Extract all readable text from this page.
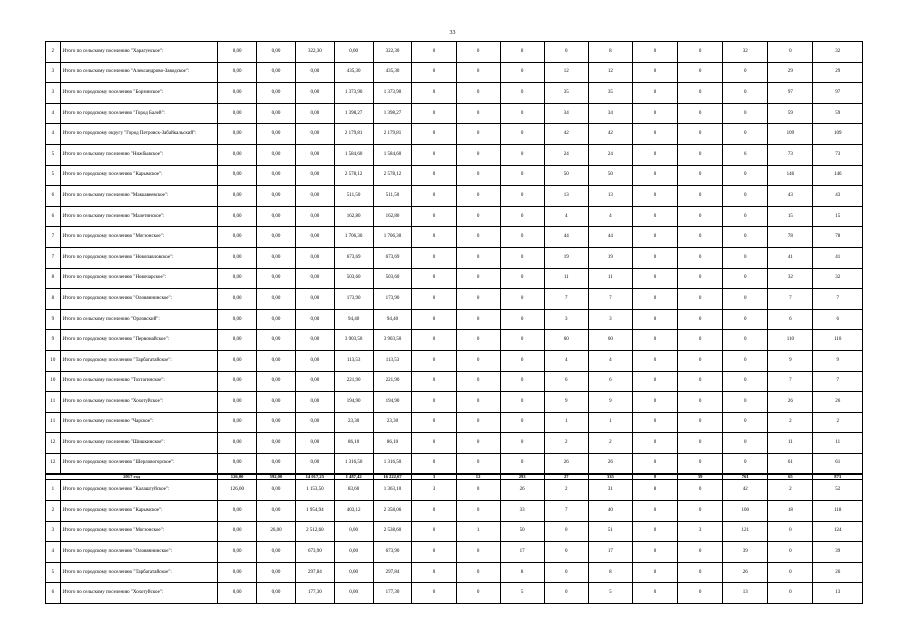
33
2	Итого по сельскому поселению "Харагунское":	0,00	0,00	322,30	0,00	322,30	0	0	8	0	8	0	0	32	0	32
3	Итого по сельскому поселению "Александрово-Заводское":	0,00	0,00	0,00	435,30	435,30	0	0	0	12	12	0	0	0	29	29
3	Итого по городскому поселению "Борзинское":	0,00	0,00	0,00	1 373,90	1 373,90	0	0	0	35	35	0	0	0	97	97
4	Итого по городскому поселению "Город Балей":	0,00	0,00	0,00	1 398,27	1 398,27	0	0	0	34	34	0	0	0	59	59
4	Итого по городскому округу "Город Петровск-Забайкальский":	0,00	0,00	0,00	2 179,81	2 179,81	0	0	0	42	42	0	0	0	109	109
5	Итого по сельскому поселению "Нижбывское":	0,00	0,00	0,00	1 584,60	1 584,60	0	0	0	24	24	0	0	6	73	73
5	Итого по городскому поселению "Карымское":	0,00	0,00	0,00	2 578,12	2 578,12	0	0	0	50	50	0	0	0	146	146
6	Итого по сельскому поселению "Маккавеевское":	0,00	0,00	0,00	511,50	511,50	0	0	0	13	13	0	0	0	43	43
6	Итого по сельскому поселению "Малетинское":	0,00	0,00	0,00	162,80	162,80	0	0	0	4	4	0	0	0	15	15
7	Итого по городскому поселению "Могзонское":	0,00	0,00	0,00	1 706,30	1 706,30	0	0	0	44	44	0	0	0	78	78
7	Итого по городскому поселению "Новопавловское":	0,00	0,00	0,00	673,69	673,69	0	0	0	19	19	0	0	0	41	41
8	Итого по городскому поселению "Новочарское":	0,00	0,00	0,00	503,60	503,60	0	0	0	11	11	0	0	0	32	32
8	Итого по городскому поселению "Оловяннинское":	0,00	0,00	0,00	173,90	173,90	0	0	0	7	7	0	0	0	7	7
9	Итого по сельскому поселению "Орловский":	0,00	0,00	0,00	94,40	94,40	0	0	0	3	3	0	0	0	6	6
9	Итого по городскому поселению "Первомайское":	0,00	0,00	0,00	3 903,50	3 903,50	0	0	0	60	60	0	0	0	110	110
10	Итого по городскому поселению "Тарбагатайское":	0,00	0,00	0,00	113,53	113,53	0	0	0	4	4	0	0	0	9	9
10	Итого по сельскому поселению "Тохтагинское":	0,00	0,00	0,00	221,90	221,90	0	0	0	6	6	0	0	0	7	7
11	Итого по сельскому поселению "Хохотуйское":	0,00	0,00	0,00	194,90	194,90	0	0	0	9	9	0	0	0	26	26
11	Итого по сельскому поселению "Чарское":	0,00	0,00	0,00	23,30	23,30	0	0	0	1	1	0	0	0	2	2
12	Итого по сельскому поселению "Шишкинское":	0,00	0,00	0,00	86,10	86,10	0	0	0	2	2	0	0	0	11	11
12	Итого по городскому поселению "Шерловогорское":	0,00	0,00	0,00	1 316,50	1 316,50	0	0	0	26	26	0	0	0	61	61
2017 год		126,00	592,00	14 017,25	1 487,42	16 222,67	3	12	293	27	335	8	39	761	65	873
1	Итого по городскому поселению "Калашгуйское":	126,00	0,00	1 153,50	83,60	1 363,10	3	0	26	2	31	8	0	42	2	52
2	Итого по городскому поселению "Карымское":	0,00	0,00	1 954,94	403,12	2 358,06	0	0	33	7	40	0	0	100	18	118
3	Итого по городскому поселению "Могзонское":	0,00	26,00	2 512,60	0,00	2 538,60	0	1	50	0	51	0	3	121	0	124
4	Итого по городскому поселению "Оловяннинское":	0,00	0,00	673,90	0,00	673,90	0	0	17	0	17	0	0	39	0	39
5	Итого по городскому поселению "Тарбагатайское":	0,00	0,00	297,84	0,00	297,84	0	0	8	0	8	0	0	26	0	26
6	Итого по сельскому поселению "Хохотуйское":	0,00	0,00	177,30	0,00	177,30	0	0	5	0	5	0	0	13	0	13
